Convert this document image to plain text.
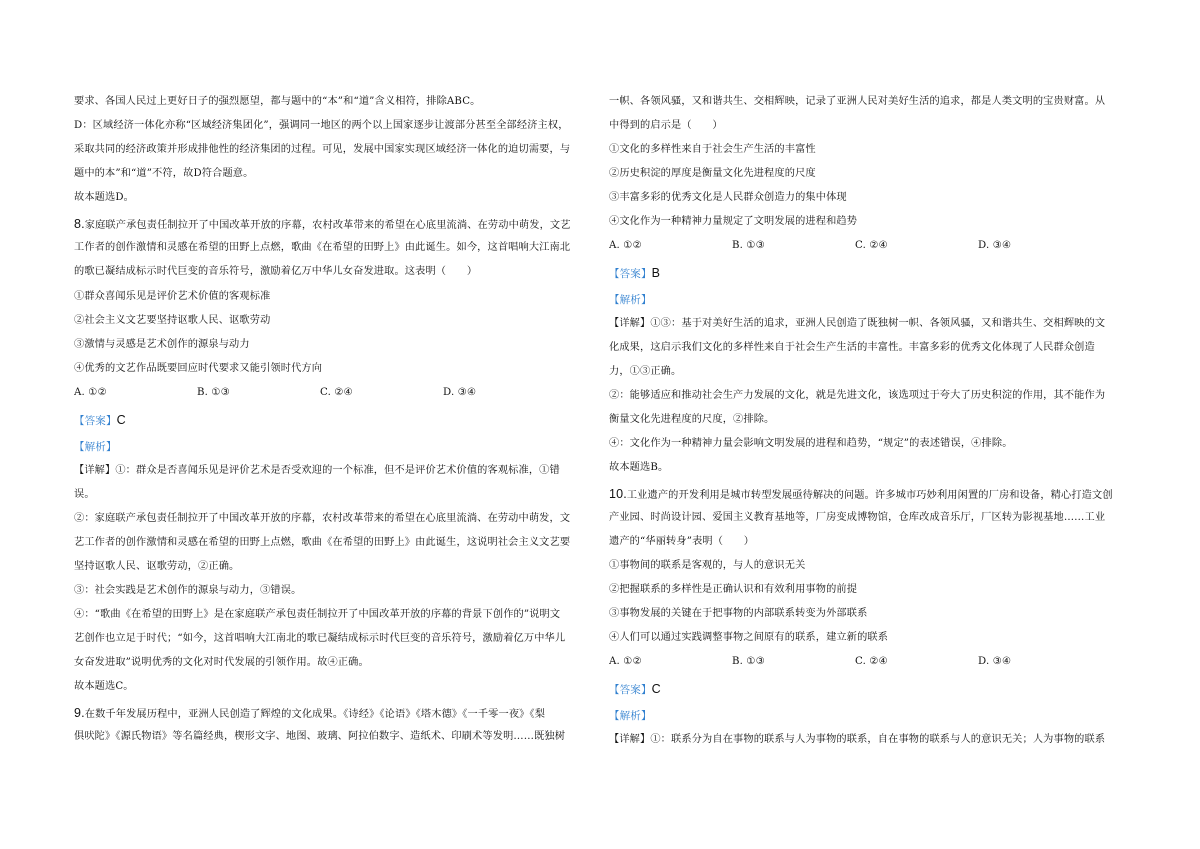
要求、各国人民过上更好日子的强烈愿望，都与题中的“本”和“道”含义相符，排除ABC。
D：区域经济一体化亦称“区域经济集团化”，强调同一地区的两个以上国家逐步让渡部分甚至全部经济主权，
采取共同的经济政策并形成排他性的经济集团的过程。可见，发展中国家实现区域经济一体化的迫切需要，与
题中的本”和“道”不符，故D符合题意。
故本题选D。
8.家庭联产承包责任制拉开了中国改革开放的序幕，农村改革带来的希望在心底里流淌、在劳动中萌发，文艺
工作者的创作激情和灵感在希望的田野上点燃，歌曲《在希望的田野上》由此诞生。如今，这首唱响大江南北
的歌已凝结成标示时代巨变的音乐符号，激励着亿万中华儿女奋发进取。这表明（　　）
①群众喜闻乐见是评价艺术价值的客观标准
②社会主义文艺要坚持讴歌人民、讴歌劳动
③激情与灵感是艺术创作的源泉与动力
④优秀的文艺作品既要回应时代要求又能引领时代方向
A. ①②	B. ①③	C. ②④	D. ③④
【答案】C
【解析】
【详解】①：群众是否喜闻乐见是评价艺术是否受欢迎的一个标准，但不是评价艺术价值的客观标准，①错
误。
②：家庭联产承包责任制拉开了中国改革开放的序幕，农村改革带来的希望在心底里流淌、在劳动中萌发，文
艺工作者的创作激情和灵感在希望的田野上点燃，歌曲《在希望的田野上》由此诞生，这说明社会主义文艺要
坚持讴歌人民、讴歌劳动，②正确。
③：社会实践是艺术创作的源泉与动力，③错误。
④：“歌曲《在希望的田野上》是在家庭联产承包责任制拉开了中国改革开放的序幕的背景下创作的”说明文
艺创作也立足于时代；“如今，这首唱响大江南北的歌已凝结成标示时代巨变的音乐符号，激励着亿万中华儿
女奋发进取”说明优秀的文化对时代发展的引领作用。故④正确。
故本题选C。
9.在数千年发展历程中，亚洲人民创造了辉煌的文化成果。《诗经》《论语》《塔木德》《一千零一夜》《梨
俱吠陀》《源氏物语》等名篇经典，楔形文字、地图、玻璃、阿拉伯数字、造纸术、印刷术等发明……既独树
一帜、各领风骚，又和谐共生、交相辉映，记录了亚洲人民对美好生活的追求，都是人类文明的宝贵财富。从
中得到的启示是（　　）
①文化的多样性来自于社会生产生活的丰富性
②历史积淀的厚度是衡量文化先进程度的尺度
③丰富多彩的优秀文化是人民群众创造力的集中体现
④文化作为一种精神力量规定了文明发展的进程和趋势
A. ①②	B. ①③	C. ②④	D. ③④
【答案】B
【解析】
【详解】①③：基于对美好生活的追求，亚洲人民创造了既独树一帜、各领风骚，又和谐共生、交相辉映的文
化成果，这启示我们文化的多样性来自于社会生产生活的丰富性。丰富多彩的优秀文化体现了人民群众创造
力，①③正确。
②：能够适应和推动社会生产力发展的文化，就是先进文化，该选项过于夸大了历史积淀的作用，其不能作为
衡量文化先进程度的尺度，②排除。
④：文化作为一种精神力量会影响文明发展的进程和趋势，“规定”的表述错误，④排除。
故本题选B。
10.工业遗产的开发利用是城市转型发展亟待解决的问题。许多城市巧妙利用闲置的厂房和设备，精心打造文创
产业园、时尚设计园、爱国主义教育基地等，厂房变成博物馆，仓库改成音乐厅，厂区转为影视基地……工业
遗产的“华丽转身”表明（　　）
①事物间的联系是客观的，与人的意识无关
②把握联系的多样性是正确认识和有效利用事物的前提
③事物发展的关键在于把事物的内部联系转变为外部联系
④人们可以通过实践调整事物之间原有的联系，建立新的联系
A. ①②	B. ①③	C. ②④	D. ③④
【答案】C
【解析】
【详解】①：联系分为自在事物的联系与人为事物的联系，自在事物的联系与人的意识无关；人为事物的联系
